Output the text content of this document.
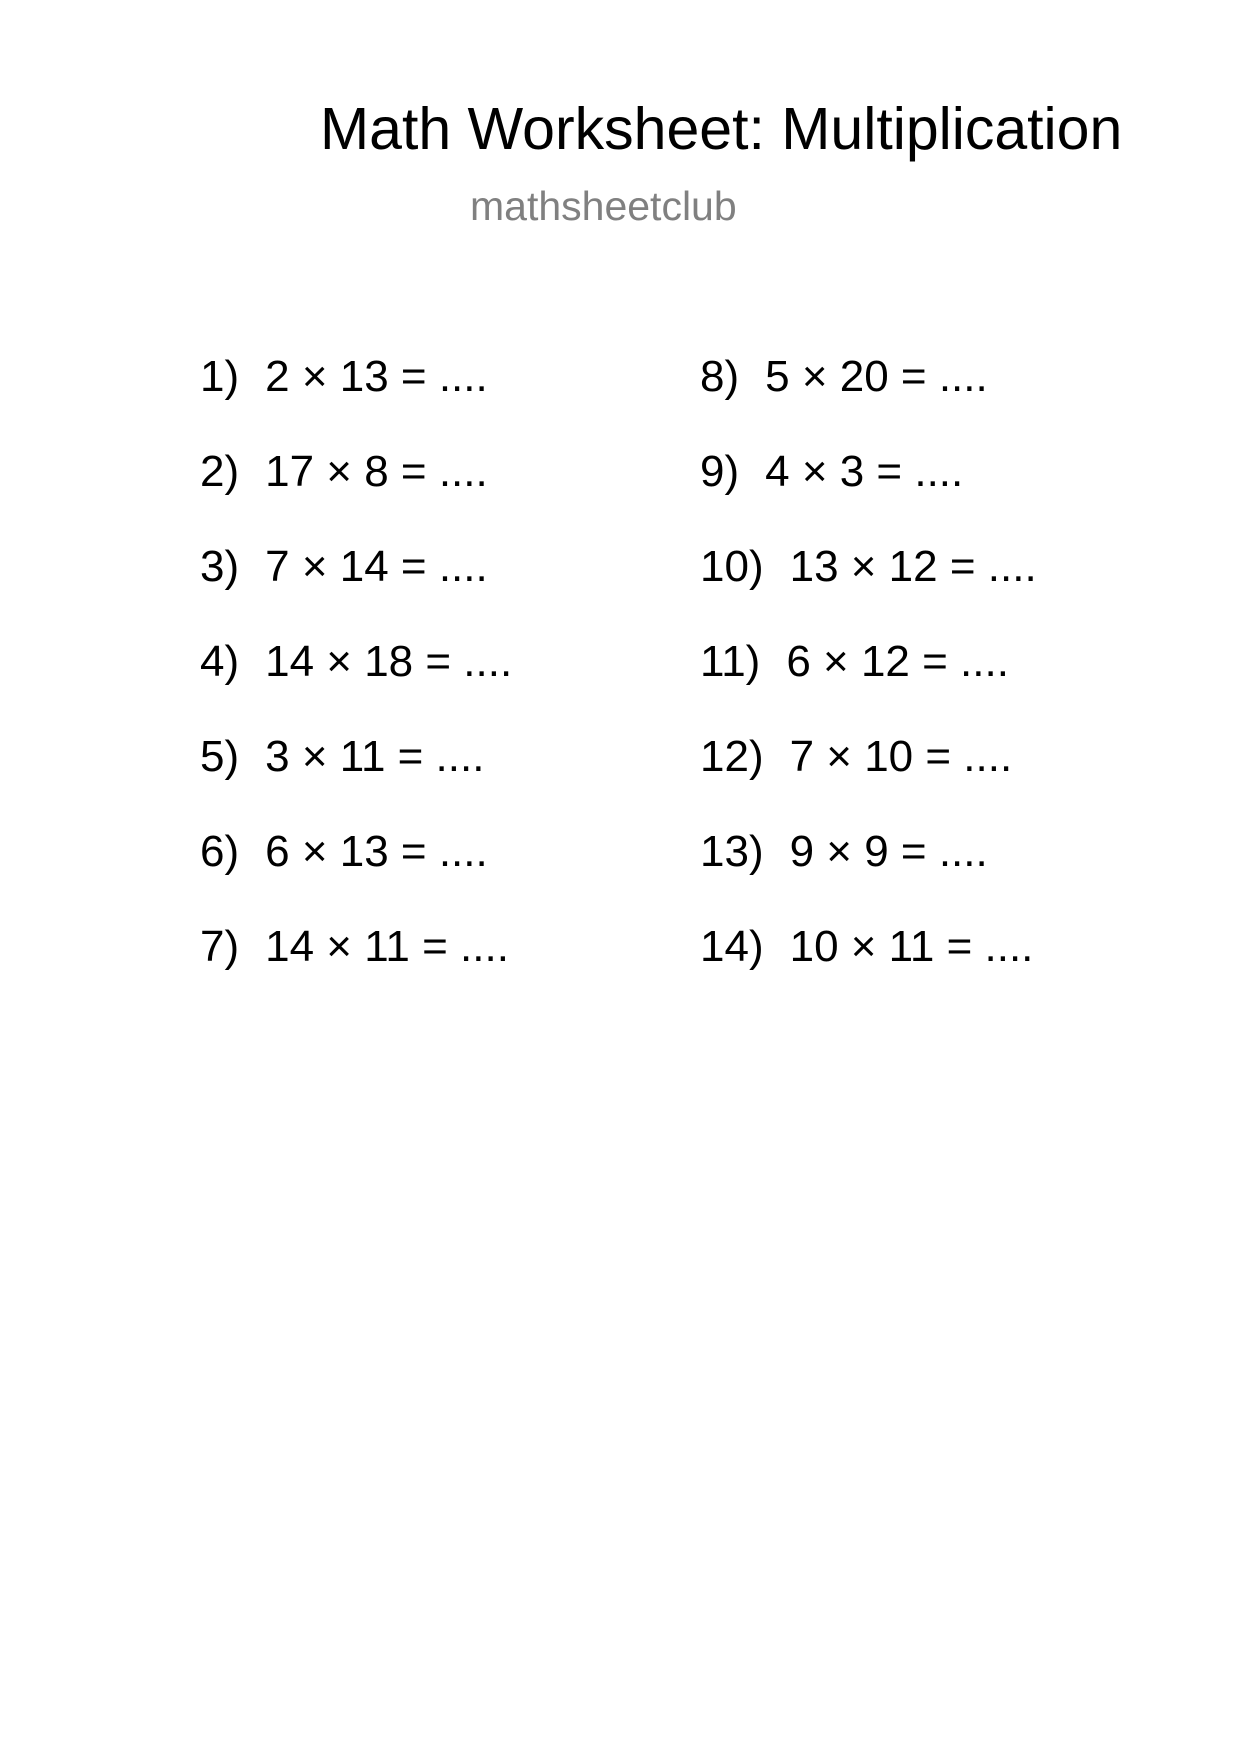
Math Worksheet: Multiplication
mathsheetclub
1) 2 × 13 = ....
2) 17 × 8 = ....
3) 7 × 14 = ....
4) 14 × 18 = ....
5) 3 × 11 = ....
6) 6 × 13 = ....
7) 14 × 11 = ....
8) 5 × 20 = ....
9) 4 × 3 = ....
10) 13 × 12 = ....
11) 6 × 12 = ....
12) 7 × 10 = ....
13) 9 × 9 = ....
14) 10 × 11 = ....
